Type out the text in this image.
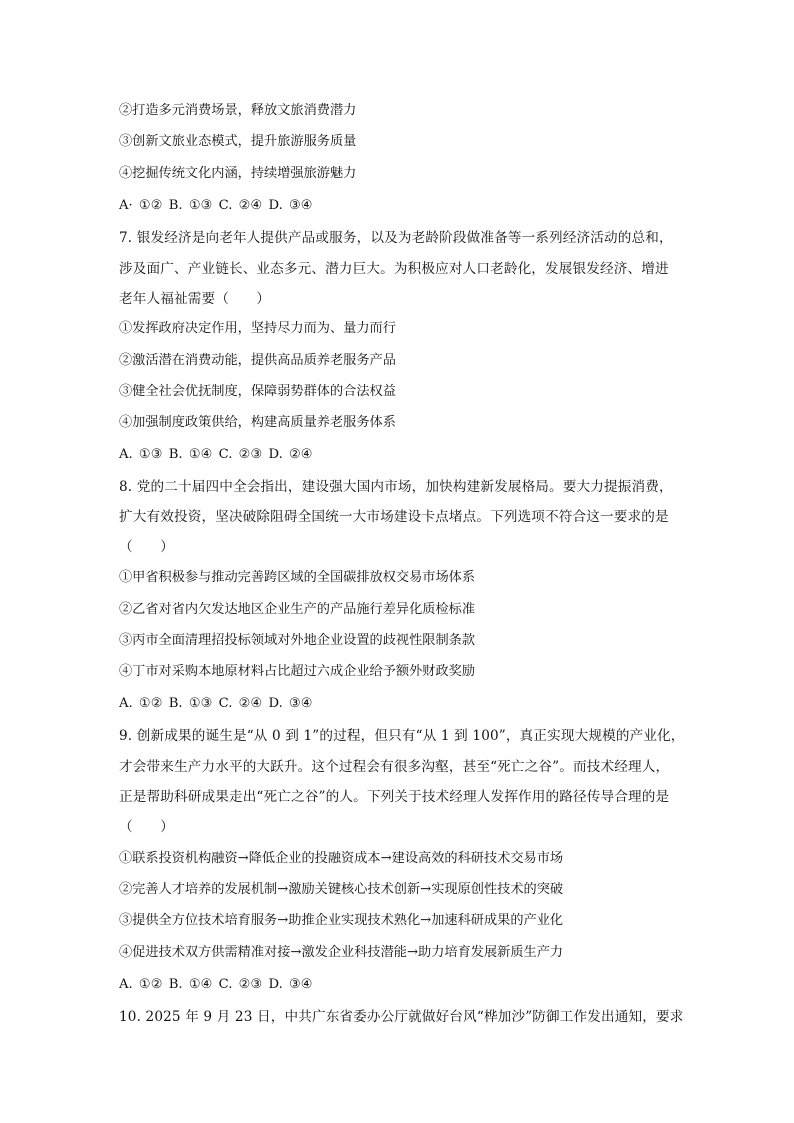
②打造多元消费场景，释放文旅消费潜力
③创新文旅业态模式，提升旅游服务质量
④挖掘传统文化内涵，持续增强旅游魅力
A· ①② B. ①③ C. ②④ D. ③④
7. 银发经济是向老年人提供产品或服务，以及为老龄阶段做准备等一系列经济活动的总和，
涉及面广、产业链长、业态多元、潜力巨大。为积极应对人口老龄化，发展银发经济、增进
老年人福祉需要（　　）
①发挥政府决定作用，坚持尽力而为、量力而行
②激活潜在消费动能，提供高品质养老服务产品
③健全社会优抚制度，保障弱势群体的合法权益
④加强制度政策供给，构建高质量养老服务体系
A. ①③ B. ①④ C. ②③ D. ②④
8. 党的二十届四中全会指出，建设强大国内市场，加快构建新发展格局。要大力提振消费，
扩大有效投资，坚决破除阻碍全国统一大市场建设卡点堵点。下列选项不符合这一要求的是
（　　）
①甲省积极参与推动完善跨区域的全国碳排放权交易市场体系
②乙省对省内欠发达地区企业生产的产品施行差异化质检标准
③丙市全面清理招投标领域对外地企业设置的歧视性限制条款
④丁市对采购本地原材料占比超过六成企业给予额外财政奖励
A. ①② B. ①③ C. ②④ D. ③④
9. 创新成果的诞生是“从 0 到 1”的过程，但只有“从 1 到 100”，真正实现大规模的产业化，
才会带来生产力水平的大跃升。这个过程会有很多沟壑，甚至“死亡之谷”。而技术经理人，
正是帮助科研成果走出“死亡之谷”的人。下列关于技术经理人发挥作用的路径传导合理的是
（　　）
①联系投资机构融资→降低企业的投融资成本→建设高效的科研技术交易市场
②完善人才培养的发展机制→激励关键核心技术创新→实现原创性技术的突破
③提供全方位技术培育服务→助推企业实现技术熟化→加速科研成果的产业化
④促进技术双方供需精准对接→激发企业科技潜能→助力培育发展新质生产力
A. ①② B. ①④ C. ②③ D. ③④
10. 2025 年 9 月 23 日，中共广东省委办公厅就做好台风“桦加沙”防御工作发出通知，要求
